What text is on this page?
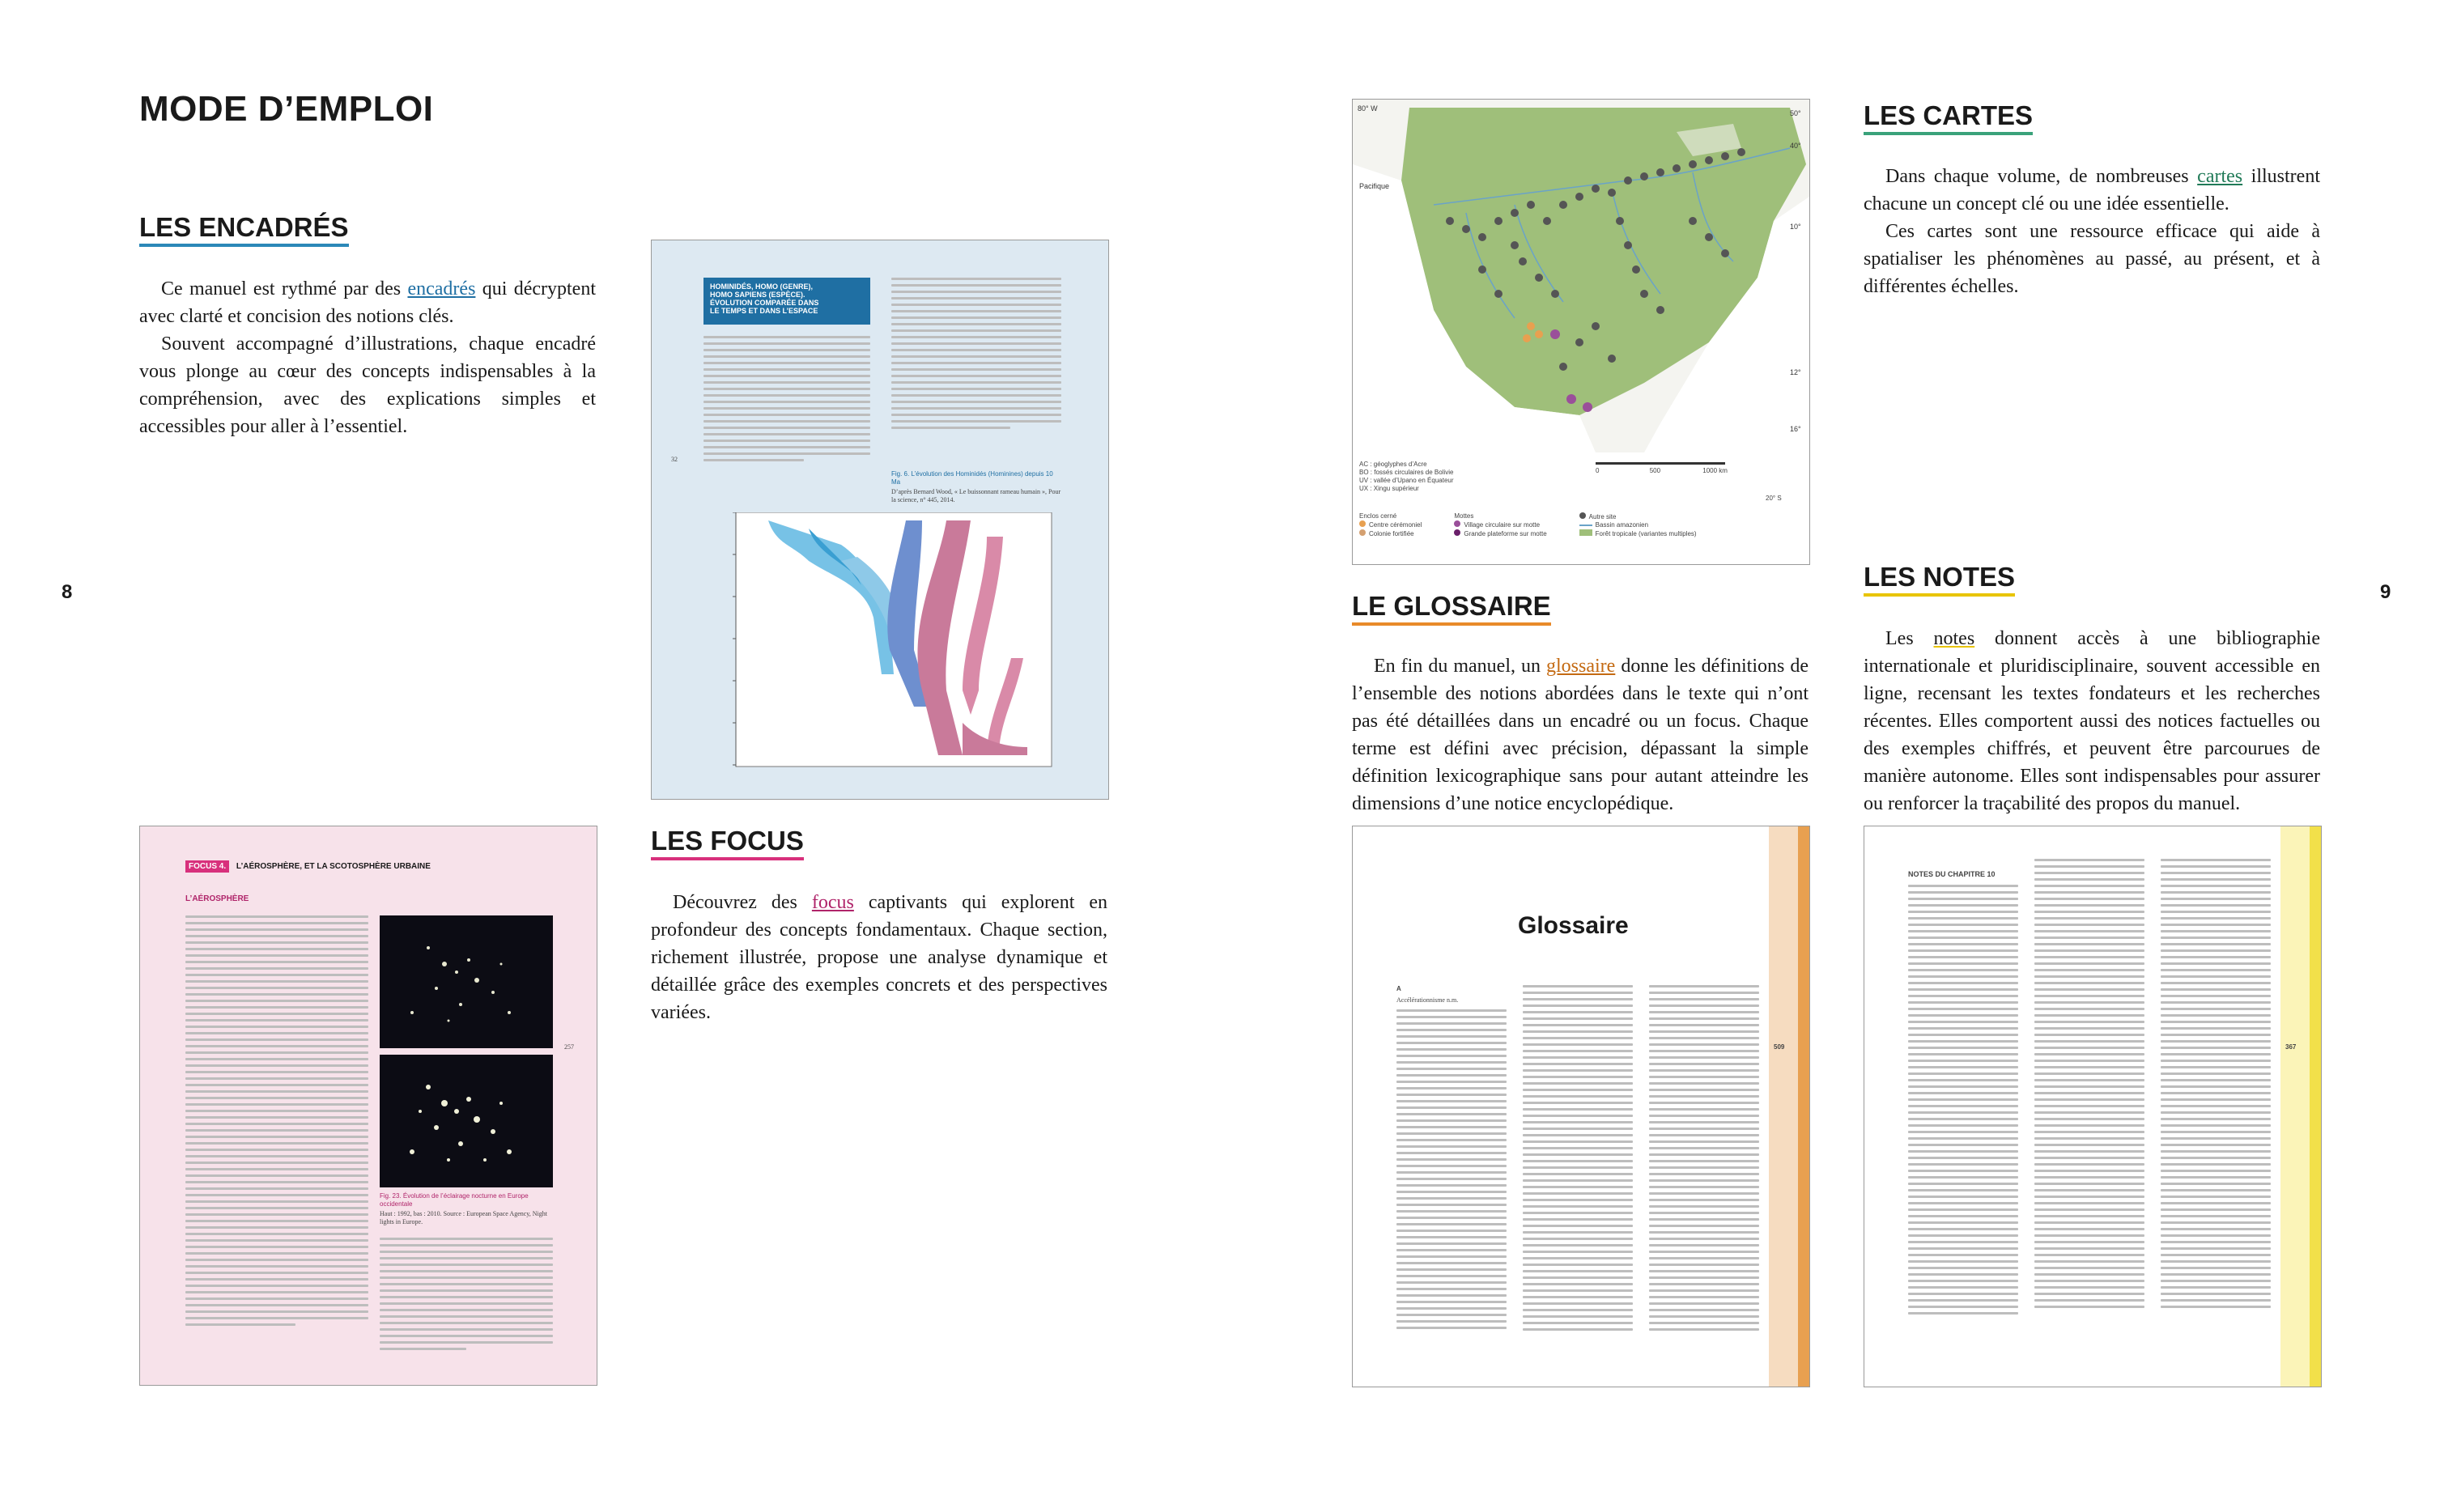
MODE D’EMPLOI
8	9
LES ENCADRÉS

Ce manuel est rythmé par des encadrés qui décryptent avec clarté et concision des notions clés.

Souvent accompagné d’illustrations, chaque encadré vous plonge au cœur des concepts indispensables à la compréhension, avec des explications simples et accessibles pour aller à l’essentiel.

HOMINIDÉS, HOMO (GENRE),
HOMO SAPIENS (ESPÈCE).
ÉVOLUTION COMPARÉE DANS
LE TEMPS ET DANS L’ESPACE
32
Fig. 6. L’évolution des Hominidés (Hominines) depuis 10 Ma
D’après Bernard Wood, « Le buissonnant rameau humain », Pour la science, n° 445, 2014.
FOCUS 4. L’AÉROSPHÈRE, ET LA SCOTOSPHÈRE URBAINE
L’AÉROSPHÈRE
257
Fig. 23. Évolution de l’éclairage nocturne en Europe occidentale
Haut : 1992, bas : 2010. Source : European Space Agency, Night lights in Europe.
LES FOCUS

Découvrez des focus captivants qui explorent en profondeur des concepts fondamentaux. Chaque section, richement illustrée, propose une analyse dynamique et détaillée grâce des exemples concrets et des perspectives variées.

80° W
50°
40°
10°
12°
16°
Pacifique
AC : géoglyphes d’Acre
BO : fossés circulaires de Bolivie
UV : vallée d’Upano en Équateur
UX : Xingu supérieur
0	500	1000 km
20° S
Enclos cerné
Centre cérémoniel
Colonie fortifiée
Mottes
Village circulaire sur motte
Grande plateforme sur motte
Autre site
Bassin amazonien
Forêt tropicale (variantes multiples)
LES CARTES

Dans chaque volume, de nombreuses cartes illustrent chacune un concept clé ou une idée essentielle.

Ces cartes sont une ressource efficace qui aide à spatialiser les phénomènes au passé, au présent, et à différentes échelles.

LE GLOSSAIRE

En fin du manuel, un glossaire donne les définitions de l’ensemble des notions abordées dans le texte qui n’ont pas été détaillées dans un encadré ou un focus. Chaque terme est défini avec précision, dépassant la simple définition lexicographique sans pour autant atteindre les dimensions d’une notice encyclopédique.

LES NOTES

Les notes donnent accès à une bibliographie internationale et pluridisciplinaire, souvent accessible en ligne, recensant les textes fondateurs et les recherches récentes. Elles comportent aussi des notices factuelles ou des exemples chiffrés, et peuvent être parcourues de manière autonome. Elles sont indispensables pour assurer ou renforcer la traçabilité des propos du manuel.

509
Glossaire
A
Accélérationnisme n.m.
367
NOTES DU CHAPITRE 10
